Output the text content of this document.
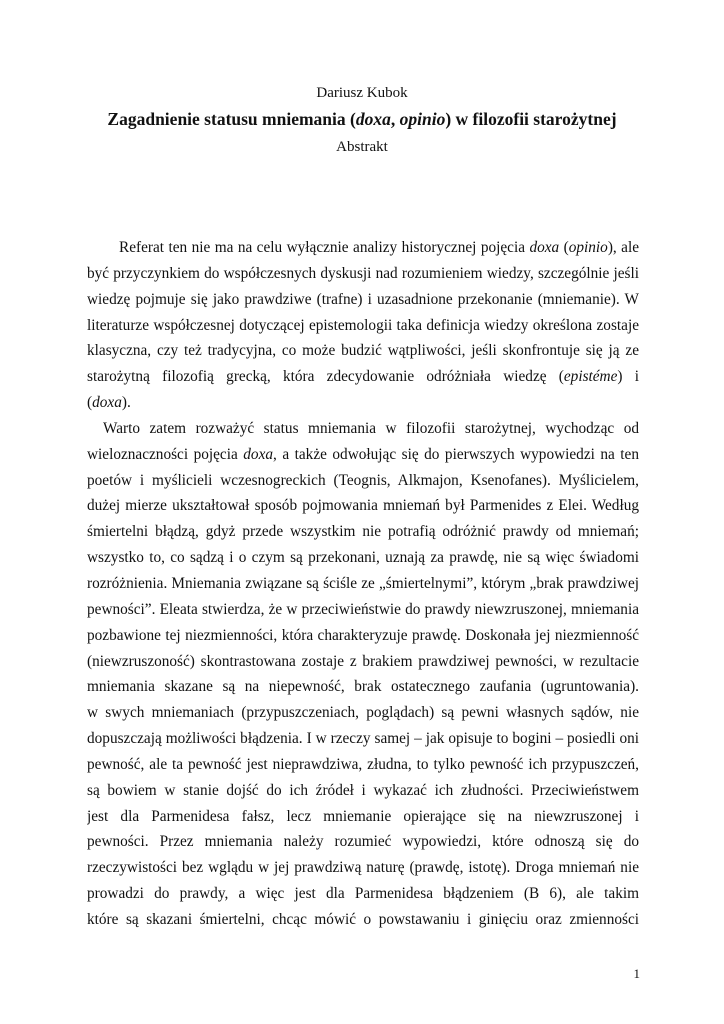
Dariusz Kubok
Zagadnienie statusu mniemania (doxa, opinio) w filozofii starożytnej
Abstrakt
Referat ten nie ma na celu wyłącznie analizy historycznej pojęcia doxa (opinio), ale
być przyczynkiem do współczesnych dyskusji nad rozumieniem wiedzy, szczególnie jeśli
wiedzę pojmuje się jako prawdziwe (trafne) i uzasadnione przekonanie (mniemanie). W
literaturze współczesnej dotyczącej epistemologii taka definicja wiedzy określona zostaje
klasyczna, czy też tradycyjna, co może budzić wątpliwości, jeśli skonfrontuje się ją ze
starożytną filozofią grecką, która zdecydowanie odróżniała wiedzę (epistéme) i
(doxa).
Warto zatem rozważyć status mniemania w filozofii starożytnej, wychodząc od
wieloznaczności pojęcia doxa, a także odwołując się do pierwszych wypowiedzi na ten
poetów i myślicieli wczesnogreckich (Teognis, Alkmajon, Ksenofanes). Myślicielem,
dużej mierze ukształtował sposób pojmowania mniemań był Parmenides z Elei. Według
śmiertelni błądzą, gdyż przede wszystkim nie potrafią odróżnić prawdy od mniemań;
wszystko to, co sądzą i o czym są przekonani, uznają za prawdę, nie są więc świadomi
rozróżnienia. Mniemania związane są ściśle ze „śmiertelnymi”, którym „brak prawdziwej
pewności”. Eleata stwierdza, że w przeciwieństwie do prawdy niewzruszonej, mniemania
pozbawione tej niezmienności, która charakteryzuje prawdę. Doskonała jej niezmienność
(niewzruszoność) skontrastowana zostaje z brakiem prawdziwej pewności, w rezultacie
mniemania skazane są na niepewność, brak ostatecznego zaufania (ugruntowania).
w swych mniemaniach (przypuszczeniach, poglądach) są pewni własnych sądów, nie
dopuszczają możliwości błądzenia. I w rzeczy samej – jak opisuje to bogini – posiedli oni
pewność, ale ta pewność jest nieprawdziwa, złudna, to tylko pewność ich przypuszczeń,
są bowiem w stanie dojść do ich źródeł i wykazać ich złudności. Przeciwieństwem
jest dla Parmenidesa fałsz, lecz mniemanie opierające się na niewzruszonej i
pewności. Przez mniemania należy rozumieć wypowiedzi, które odnoszą się do
rzeczywistości bez wglądu w jej prawdziwą naturę (prawdę, istotę). Droga mniemań nie
prowadzi do prawdy, a więc jest dla Parmenidesa błądzeniem (B 6), ale takim
które są skazani śmiertelni, chcąc mówić o powstawaniu i ginięciu oraz zmienności
1
